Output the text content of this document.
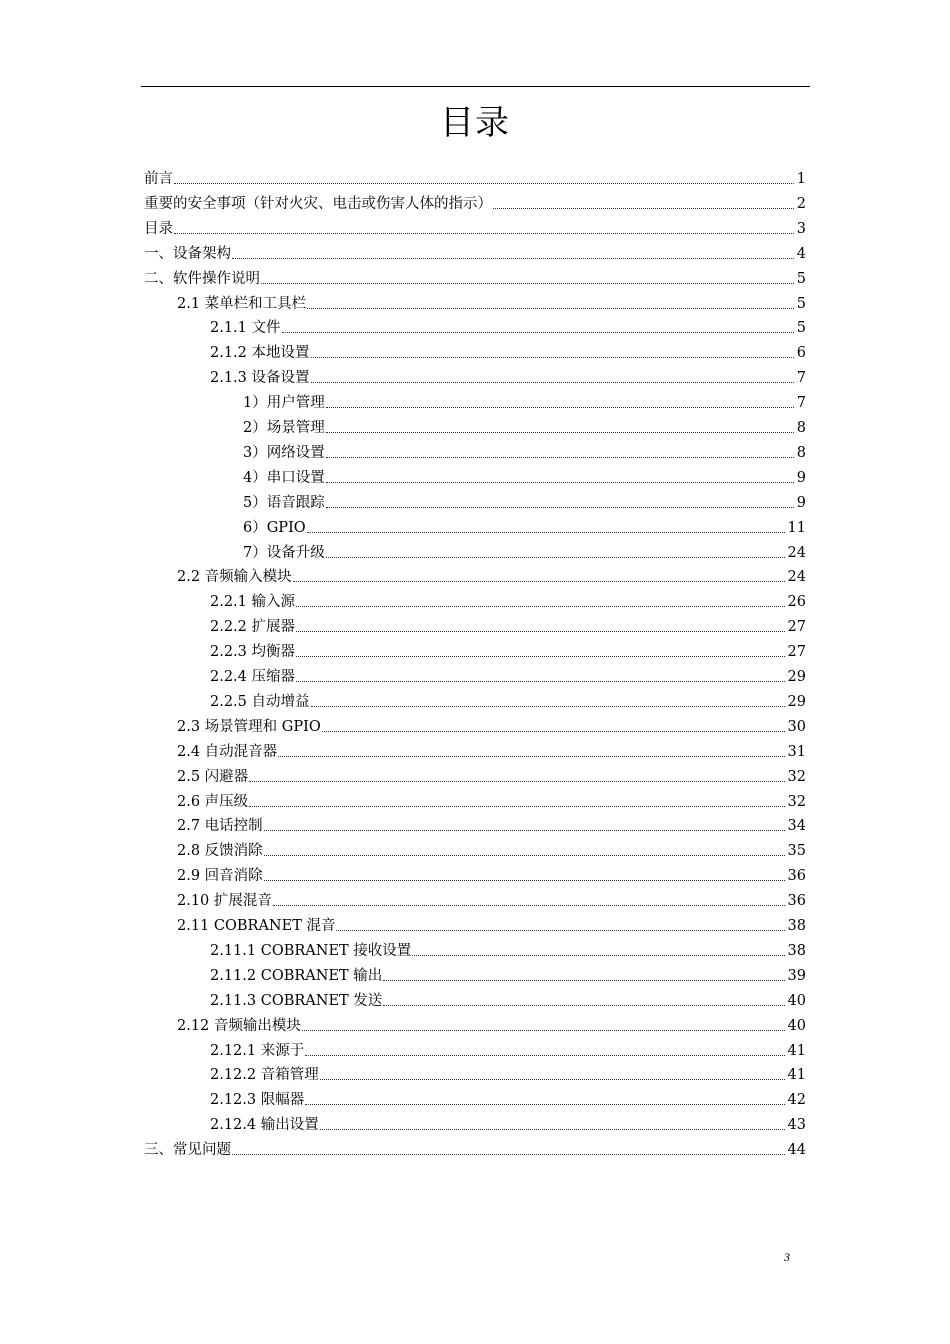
目录
前言	1
重要的安全事项（针对火灾、电击或伤害人体的指示）	2
目录	3
一、设备架构	4
二、软件操作说明	5
2.1 菜单栏和工具栏	5
2.1.1 文件	5
2.1.2 本地设置	6
2.1.3 设备设置	7
1）用户管理	7
2）场景管理	8
3）网络设置	8
4）串口设置	9
5）语音跟踪	9
6）GPIO	11
7）设备升级	24
2.2 音频输入模块	24
2.2.1 输入源	26
2.2.2 扩展器	27
2.2.3 均衡器	27
2.2.4 压缩器	29
2.2.5 自动增益	29
2.3 场景管理和 GPIO	30
2.4 自动混音器	31
2.5 闪避器	32
2.6 声压级	32
2.7 电话控制	34
2.8 反馈消除	35
2.9 回音消除	36
2.10 扩展混音	36
2.11 COBRANET 混音	38
2.11.1 COBRANET 接收设置	38
2.11.2 COBRANET 输出	39
2.11.3 COBRANET 发送	40
2.12 音频输出模块	40
2.12.1 来源于	41
2.12.2 音箱管理	41
2.12.3 限幅器	42
2.12.4 输出设置	43
三、常见问题	44
3
